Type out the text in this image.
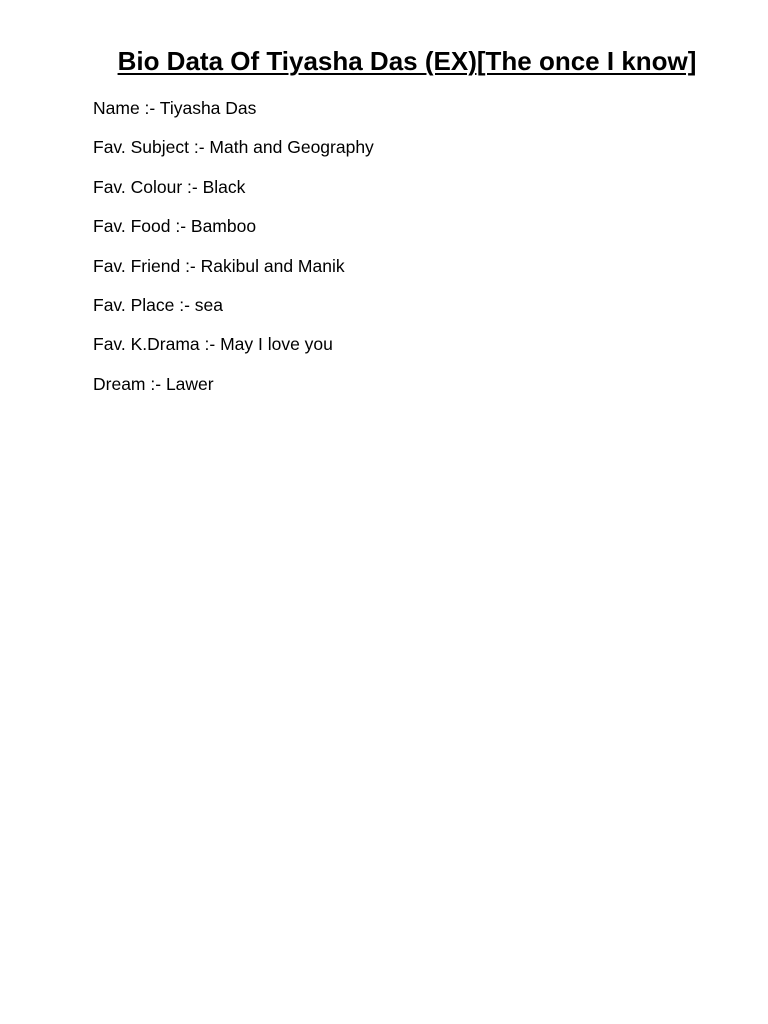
Bio Data Of Tiyasha Das (EX)[The once I know]
Name :- Tiyasha Das
Fav. Subject :- Math and Geography
Fav. Colour :- Black
Fav. Food :- Bamboo
Fav. Friend :- Rakibul and Manik
Fav. Place :- sea
Fav. K.Drama :- May I love you
Dream :- Lawer
